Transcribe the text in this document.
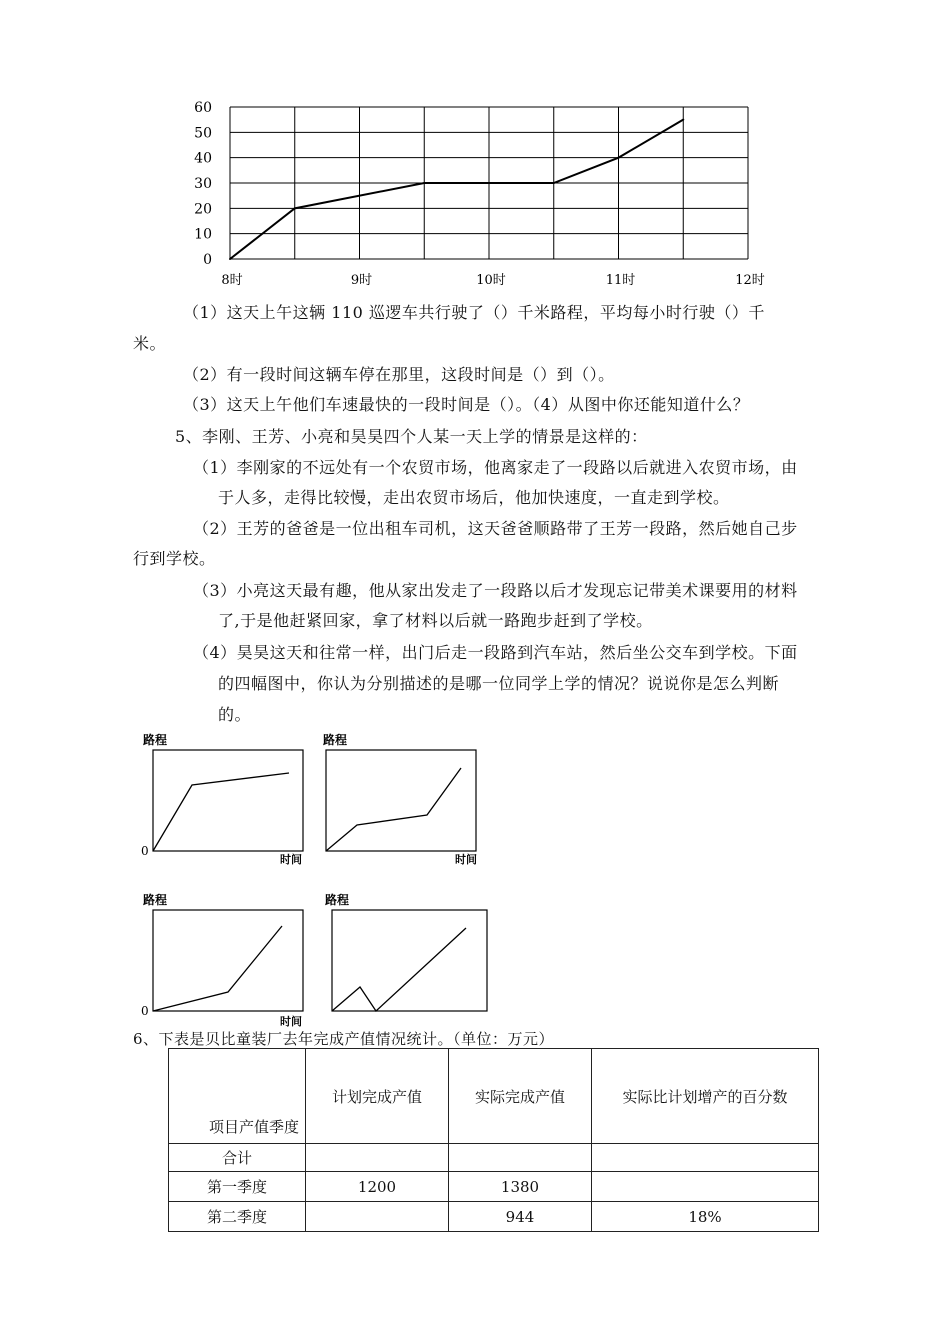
60
50
40
30
20
10
0
8时	9时	10时	11时	12时
（1）这天上午这辆 110 巡逻车共行驶了（）千米路程，平均每小时行驶（）千
米。
（2）有一段时间这辆车停在那里，这段时间是（）到（）。
（3）这天上午他们车速最快的一段时间是（）。（4）从图中你还能知道什么？
5、李刚、王芳、小亮和昊昊四个人某一天上学的情景是这样的：
（1）李刚家的不远处有一个农贸市场，他离家走了一段路以后就进入农贸市场，由
于人多，走得比较慢，走出农贸市场后，他加快速度，一直走到学校。
（2）王芳的爸爸是一位出租车司机，这天爸爸顺路带了王芳一段路，然后她自己步
行到学校。
（3）小亮这天最有趣，他从家出发走了一段路以后才发现忘记带美术课要用的材料
了,于是他赶紧回家，拿了材料以后就一路跑步赶到了学校。
（4）昊昊这天和往常一样，出门后走一段路到汽车站，然后坐公交车到学校。下面
的四幅图中，你认为分别描述的是哪一位同学上学的情况？说说你是怎么判断
的。
路程
0
时间
路程
时间
路程
0
时间
路程
6、下表是贝比童装厂去年完成产值情况统计。（单位：万元）
项目产值季度	计划完成产值	实际完成产值	实际比计划增产的百分数
合计			
第一季度	1200	1380	
第二季度		944	18%
